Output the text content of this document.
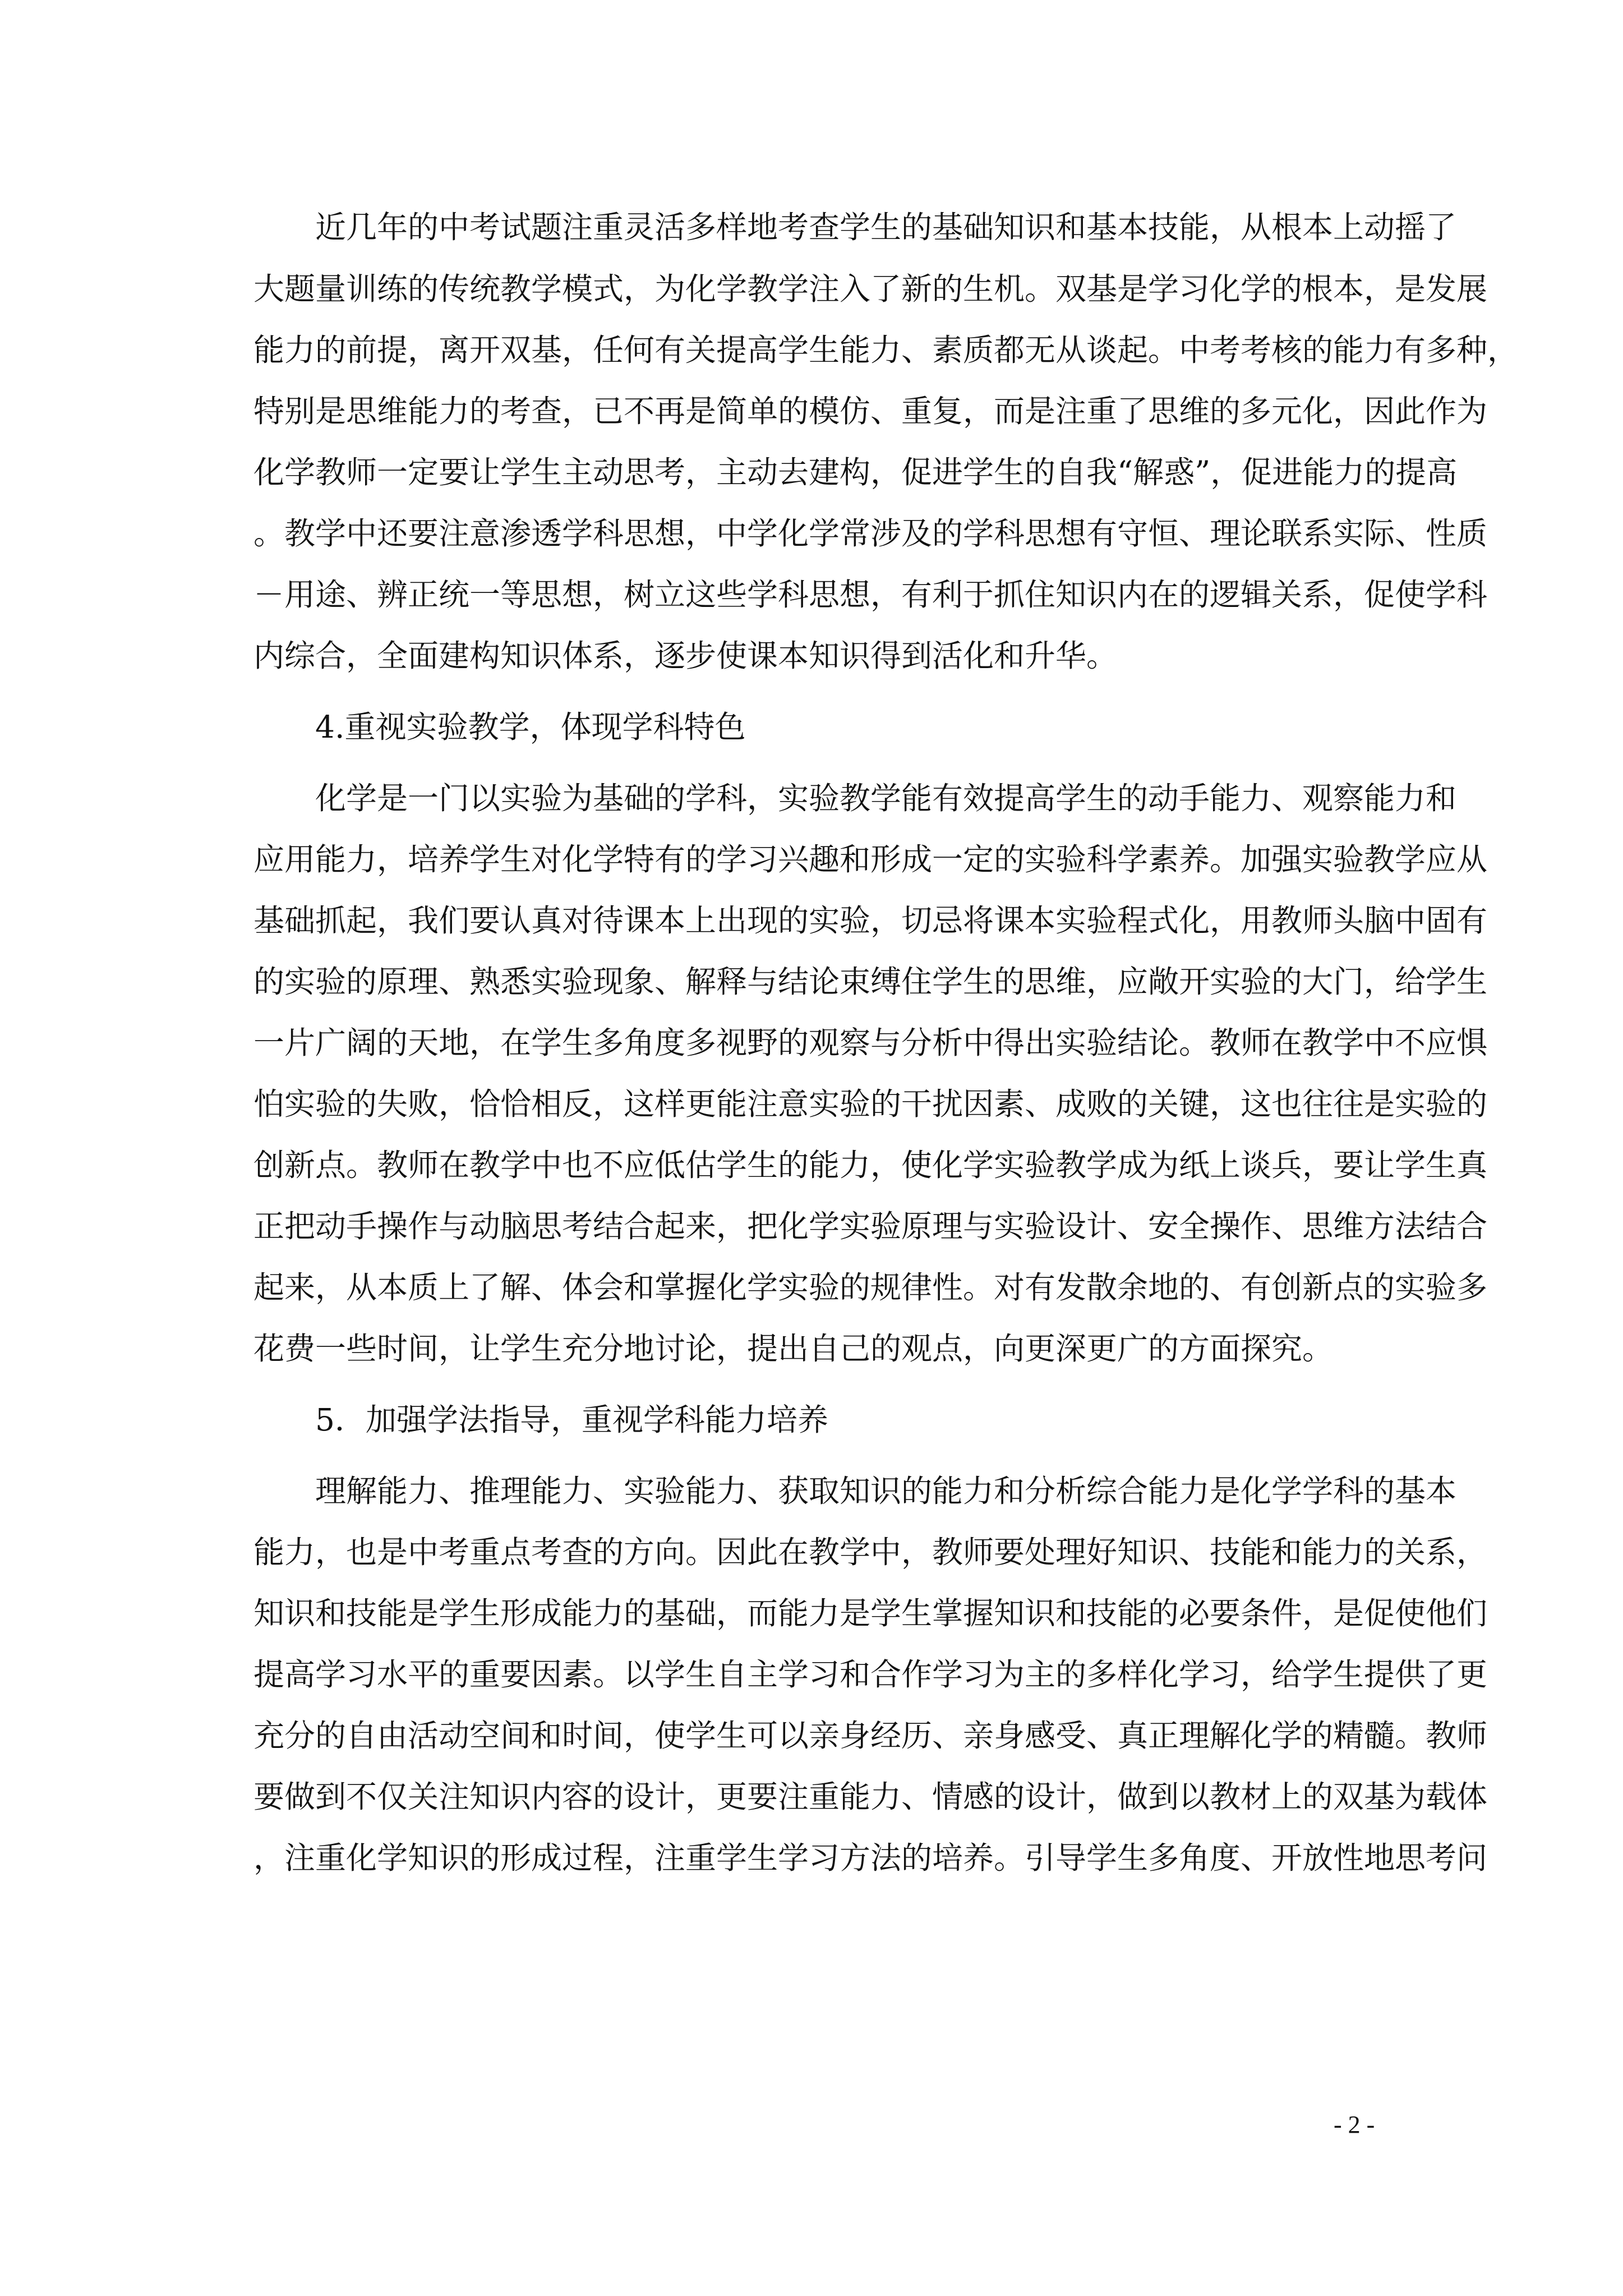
近几年的中考试题注重灵活多样地考查学生的基础知识和基本技能，从根本上动摇了
大题量训练的传统教学模式，为化学教学注入了新的生机。双基是学习化学的根本，是发展
能力的前提，离开双基，任何有关提高学生能力、素质都无从谈起。中考考核的能力有多种，
特别是思维能力的考查，已不再是简单的模仿、重复，而是注重了思维的多元化，因此作为
化学教师一定要让学生主动思考，主动去建构，促进学生的自我“解惑”，促进能力的提高
。教学中还要注意渗透学科思想，中学化学常涉及的学科思想有守恒、理论联系实际、性质
－用途、辨正统一等思想，树立这些学科思想，有利于抓住知识内在的逻辑关系，促使学科
内综合，全面建构知识体系，逐步使课本知识得到活化和升华。
4.重视实验教学，体现学科特色
化学是一门以实验为基础的学科，实验教学能有效提高学生的动手能力、观察能力和
应用能力，培养学生对化学特有的学习兴趣和形成一定的实验科学素养。加强实验教学应从
基础抓起，我们要认真对待课本上出现的实验，切忌将课本实验程式化，用教师头脑中固有
的实验的原理、熟悉实验现象、解释与结论束缚住学生的思维，应敞开实验的大门，给学生
一片广阔的天地，在学生多角度多视野的观察与分析中得出实验结论。教师在教学中不应惧
怕实验的失败，恰恰相反，这样更能注意实验的干扰因素、成败的关键，这也往往是实验的
创新点。教师在教学中也不应低估学生的能力，使化学实验教学成为纸上谈兵，要让学生真
正把动手操作与动脑思考结合起来，把化学实验原理与实验设计、安全操作、思维方法结合
起来，从本质上了解、体会和掌握化学实验的规律性。对有发散余地的、有创新点的实验多
花费一些时间，让学生充分地讨论，提出自己的观点，向更深更广的方面探究。
5．加强学法指导，重视学科能力培养
理解能力、推理能力、实验能力、获取知识的能力和分析综合能力是化学学科的基本
能力，也是中考重点考查的方向。因此在教学中，教师要处理好知识、技能和能力的关系，
知识和技能是学生形成能力的基础，而能力是学生掌握知识和技能的必要条件，是促使他们
提高学习水平的重要因素。以学生自主学习和合作学习为主的多样化学习，给学生提供了更
充分的自由活动空间和时间，使学生可以亲身经历、亲身感受、真正理解化学的精髓。教师
要做到不仅关注知识内容的设计，更要注重能力、情感的设计，做到以教材上的双基为载体
，注重化学知识的形成过程，注重学生学习方法的培养。引导学生多角度、开放性地思考问
- 2 -
